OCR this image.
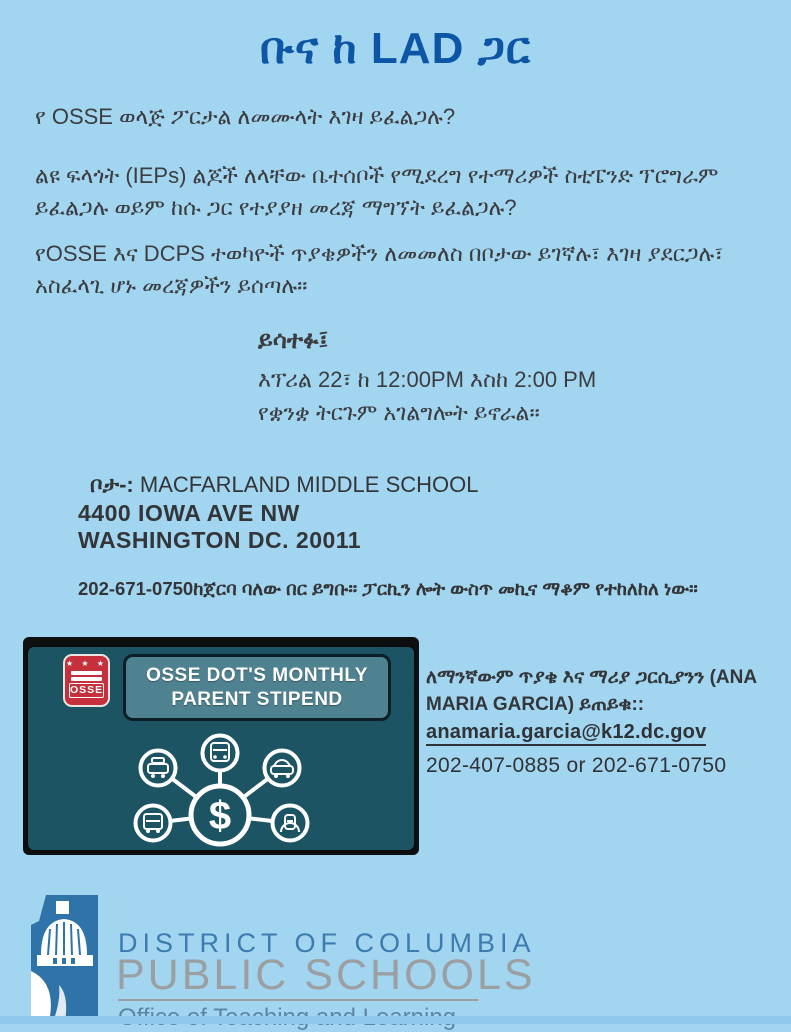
ቡና ከ LAD ጋር
የ OSSE ወላጅ ፖርታል ለመሙላት እገዛ ይፈልጋሉ?
ልዩ ፍላጎት (IEPs) ልጆች ለላቸው ቤተሰቦች የሚደረግ የተማሪዎች ስቲፔንድ ፕሮግራም ይፈልጋሉ ወይም ከሱ ጋር የተያያዘ መረጃ ማግኘት ይፈልጋሉ?
የOSSE እና DCPS ተወካዮች ጥያቄዎችን ለመመለስ በቦታው ይገኛሉ፣ እገዛ ያደርጋሉ፣ አስፈላጊ ሆኑ መረጃዎችን ይሰጣሉ።
ይሳተፉ፤
እፕሪል 22፣ ከ 12:00PM እስከ 2:00 PM
የቋንቋ ትርጉም አገልግሎት ይኖራል።
ቦታ-: MACFARLAND MIDDLE SCHOOL
4400 IOWA AVE NW
WASHINGTON DC. 20011
202-671-0750ከጀርባ ባለው በር ይግቡ። ፓርኪን ሎት ውስጥ መኪና ማቆም የተከለከለ ነው።
$
★ ★ ★
OSSE
OSSE DOT'S MONTHLY
PARENT STIPEND
ለማንኛውም ጥያቄ እና ማሪያ ጋርሲያንን (ANA MARIA GARCIA) ይጠይቁ::
anamaria.garcia@k12.dc.gov
202-407-0885 or 202-671-0750
DISTRICT OF COLUMBIA
PUBLIC SCHOOLS
